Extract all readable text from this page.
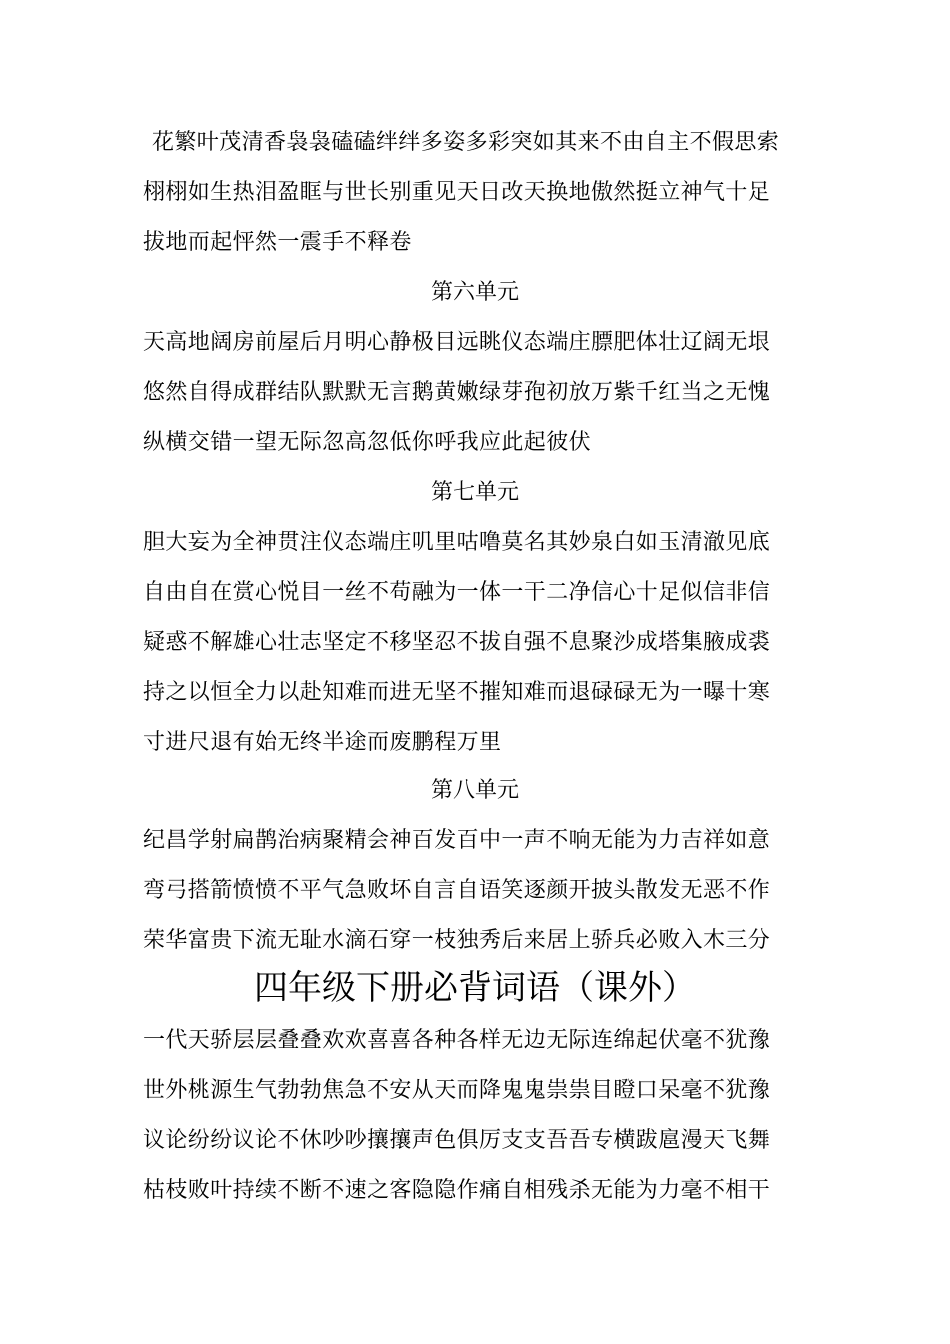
花繁叶茂清香袅袅磕磕绊绊多姿多彩突如其来不由自主不假思索
栩栩如生热泪盈眶与世长别重见天日改天换地傲然挺立神气十足
拔地而起怦然一震手不释卷
第六单元
天高地阔房前屋后月明心静极目远眺仪态端庄膘肥体壮辽阔无垠
悠然自得成群结队默默无言鹅黄嫩绿芽孢初放万紫千红当之无愧
纵横交错一望无际忽高忽低你呼我应此起彼伏
第七单元
胆大妄为全神贯注仪态端庄叽里咕噜莫名其妙泉白如玉清澈见底
自由自在赏心悦目一丝不苟融为一体一干二净信心十足似信非信
疑惑不解雄心壮志坚定不移坚忍不拔自强不息聚沙成塔集腋成裘
持之以恒全力以赴知难而进无坚不摧知难而退碌碌无为一曝十寒
寸进尺退有始无终半途而废鹏程万里
第八单元
纪昌学射扁鹊治病聚精会神百发百中一声不响无能为力吉祥如意
弯弓搭箭愤愤不平气急败坏自言自语笑逐颜开披头散发无恶不作
荣华富贵下流无耻水滴石穿一枝独秀后来居上骄兵必败入木三分
四年级下册必背词语（课外）
一代天骄层层叠叠欢欢喜喜各种各样无边无际连绵起伏毫不犹豫
世外桃源生气勃勃焦急不安从天而降鬼鬼祟祟目瞪口呆毫不犹豫
议论纷纷议论不休吵吵攘攘声色俱厉支支吾吾专横跋扈漫天飞舞
枯枝败叶持续不断不速之客隐隐作痛自相残杀无能为力毫不相干
